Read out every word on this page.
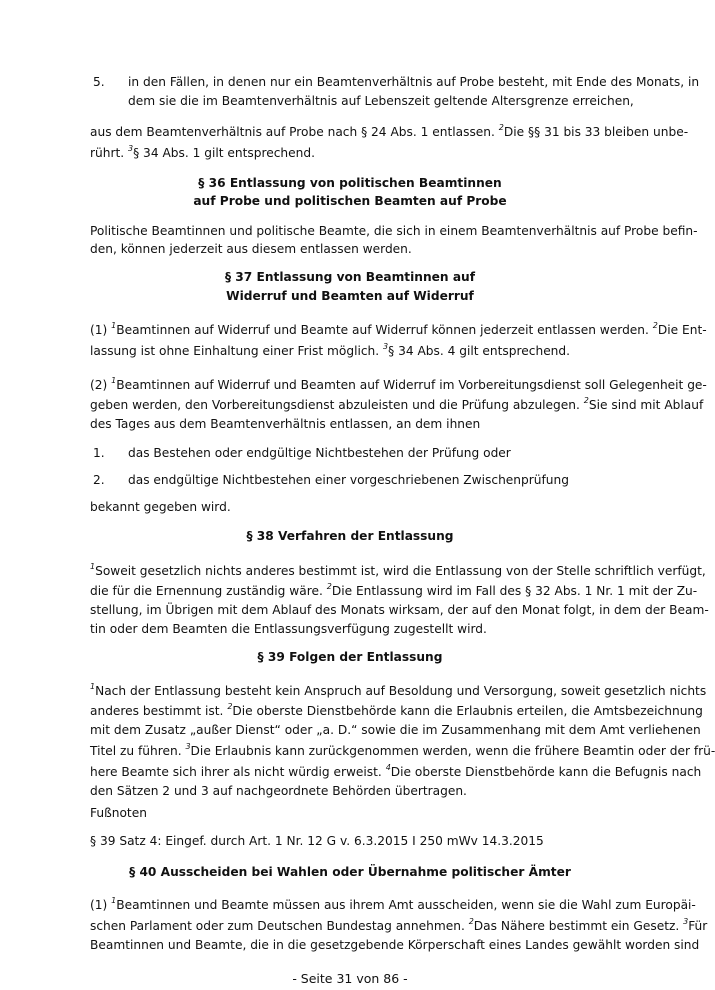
5. in den Fällen, in denen nur ein Beamtenverhältnis auf Probe besteht, mit Ende des Monats, in
dem sie die im Beamtenverhältnis auf Lebenszeit geltende Altersgrenze erreichen,
aus dem Beamtenverhältnis auf Probe nach § 24 Abs. 1 entlassen. $^2$Die §§ 31 bis 33 bleiben unbe-
rührt. $^3$§ 34 Abs. 1 gilt entsprechend.
§ 36 Entlassung von politischen Beamtinnen
auf Probe und politischen Beamten auf Probe
Politische Beamtinnen und politische Beamte, die sich in einem Beamtenverhältnis auf Probe befin-
den, können jederzeit aus diesem entlassen werden.
§ 37 Entlassung von Beamtinnen auf
Widerruf und Beamten auf Widerruf
(1) $^1$Beamtinnen auf Widerruf und Beamte auf Widerruf können jederzeit entlassen werden. $^2$Die Ent-
lassung ist ohne Einhaltung einer Frist möglich. $^3$§ 34 Abs. 4 gilt entsprechend.
(2) $^1$Beamtinnen auf Widerruf und Beamten auf Widerruf im Vorbereitungsdienst soll Gelegenheit ge-
geben werden, den Vorbereitungsdienst abzuleisten und die Prüfung abzulegen. $^2$Sie sind mit Ablauf
des Tages aus dem Beamtenverhältnis entlassen, an dem ihnen
1. das Bestehen oder endgültige Nichtbestehen der Prüfung oder
2. das endgültige Nichtbestehen einer vorgeschriebenen Zwischenprüfung
bekannt gegeben wird.
§ 38 Verfahren der Entlassung
$^1$Soweit gesetzlich nichts anderes bestimmt ist, wird die Entlassung von der Stelle schriftlich verfügt,
die für die Ernennung zuständig wäre. $^2$Die Entlassung wird im Fall des § 32 Abs. 1 Nr. 1 mit der Zu-
stellung, im Übrigen mit dem Ablauf des Monats wirksam, der auf den Monat folgt, in dem der Beam-
tin oder dem Beamten die Entlassungsverfügung zugestellt wird.
§ 39 Folgen der Entlassung
$^1$Nach der Entlassung besteht kein Anspruch auf Besoldung und Versorgung, soweit gesetzlich nichts
anderes bestimmt ist. $^2$Die oberste Dienstbehörde kann die Erlaubnis erteilen, die Amtsbezeichnung
mit dem Zusatz „außer Dienst“ oder „a. D.“ sowie die im Zusammenhang mit dem Amt verliehenen
Titel zu führen. $^3$Die Erlaubnis kann zurückgenommen werden, wenn die frühere Beamtin oder der frü-
here Beamte sich ihrer als nicht würdig erweist. $^4$Die oberste Dienstbehörde kann die Befugnis nach
den Sätzen 2 und 3 auf nachgeordnete Behörden übertragen.
Fußnoten
§ 39 Satz 4: Eingef. durch Art. 1 Nr. 12 G v. 6.3.2015 I 250 mWv 14.3.2015
§ 40 Ausscheiden bei Wahlen oder Übernahme politischer Ämter
(1) $^1$Beamtinnen und Beamte müssen aus ihrem Amt ausscheiden, wenn sie die Wahl zum Europäi-
schen Parlament oder zum Deutschen Bundestag annehmen. $^2$Das Nähere bestimmt ein Gesetz. $^3$Für
Beamtinnen und Beamte, die in die gesetzgebende Körperschaft eines Landes gewählt worden sind
- Seite 31 von 86 -
